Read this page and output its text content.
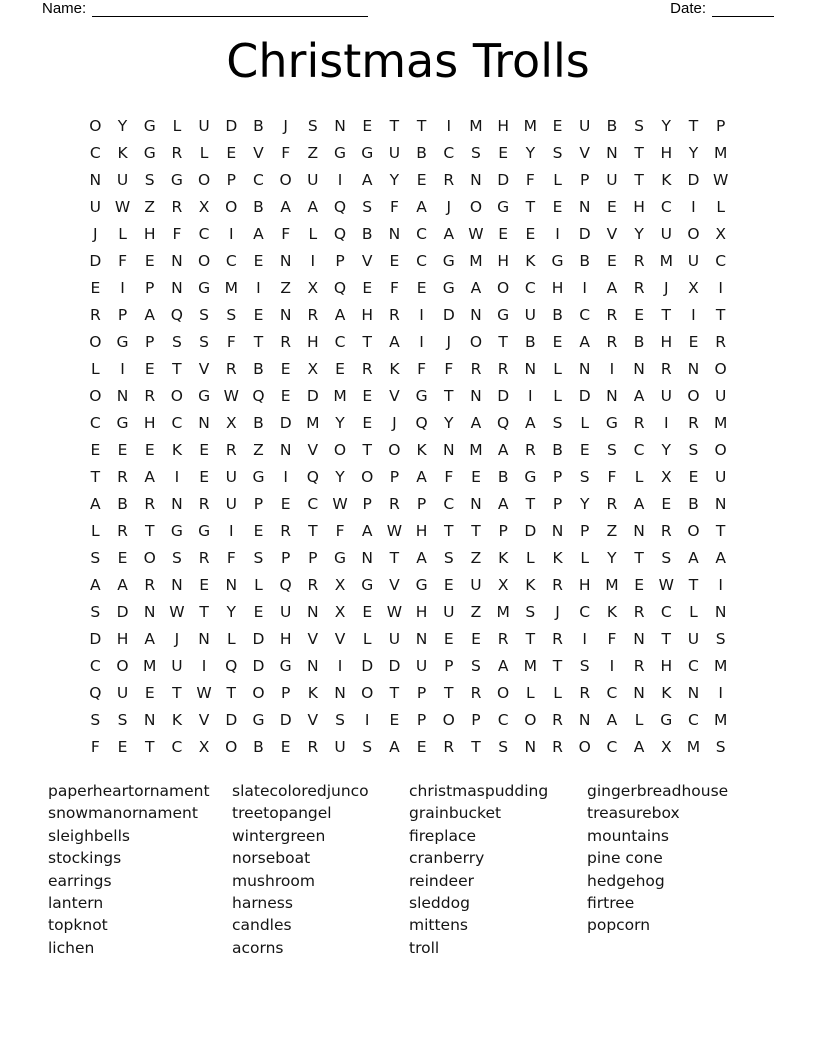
Name:	Date:
Christmas Trolls
O	Y	G	L	U	D	B	J	S	N	E	T	T	I	M H M	E	U	B	S	Y	T	P
C	K	G	R	L	E	V	F	Z	G G	U	B	C	S	E	Y	S	V	N	T	H	Y	M
N	U	S	G O	P	C	O U	I	A	Y	E	R	N D	F	L	P	U	T	K	D W
U W Z	R	X	O	B	A	A	Q	S	F	A	J	O G	T	E	N	E	H	C	I	L
J	L	H	F	C	I	A	F	L	Q	B	N	C	A W E	E	I	D	V	Y	U O	X
D	F	E	N O	C	E	N	I	P	V	E	C	G M H	K	G	B	E	R M U	C
E	I	P	N G M	I	Z	X	Q	E	F	E	G	A	O	C	H	I	A	R	J	X	I
R	P	A	Q	S	S	E	N	R	A	H	R	I	D N G	U	B	C	R	E	T	I	T
O G	P	S	S	F	T	R	H	C	T	A	I	J	O	T	B	E	A	R	B	H	E	R
L	I	E	T	V	R	B	E	X	E	R	K	F	F	R	R	N	L	N	I	N	R	N O
O N	R	O G W Q	E	D M	E	V	G	T	N D	I	L	D N	A	U O U
C	G H	C	N	X	B	D M	Y	E	J	Q	Y	A	Q	A	S	L	G	R	I	R M
E	E	E	K	E	R	Z	N	V	O	T	O	K	N M A	R	B	E	S	C	Y	S	O
T	R	A	I	E	U	G	I	Q	Y	O	P	A	F	E	B	G	P	S	F	L	X	E	U
A	B	R	N	R	U	P	E	C W P	R	P	C	N	A	T	P	Y	R	A	E	B	N
L	R	T	G G	I	E	R	T	F	A W H	T	T	P	D N	P	Z	N	R	O	T
S	E	O	S	R	F	S	P	P	G N	T	A	S	Z	K	L	K	L	Y	T	S	A	A
A	A	R	N	E	N	L	Q	R	X	G	V	G	E	U	X	K	R	H M	E W T	I
S	D N W T	Y	E	U	N	X	E W H	U	Z M	S	J	C	K	R	C	L	N
D H	A	J	N	L	D H	V	V	L	U	N	E	E	R	T	R	I	F	N	T	U	S
C	O M U	I	Q D G N	I	D D	U	P	S	A M	T	S	I	R	H	C M
Q U	E	T W T	O	P	K	N O	T	P	T	R	O	L	L	R	C	N	K	N	I
S	S	N	K	V	D G D	V	S	I	E	P	O	P	C	O	R	N	A	L	G	C M
F	E	T	C	X	O	B	E	R	U	S	A	E	R	T	S	N	R	O	C	A	X M	S
paperheartornament
snowmanornament
sleighbells
stockings
earrings
lantern
topknot
lichen
slatecoloredjunco
treetopangel
wintergreen
norseboat
mushroom
harness
candles
acorns
christmaspudding
grainbucket
fireplace
cranberry
reindeer
sleddog
mittens
troll
gingerbreadhouse
treasurebox
mountains
pine cone
hedgehog
firtree
popcorn
